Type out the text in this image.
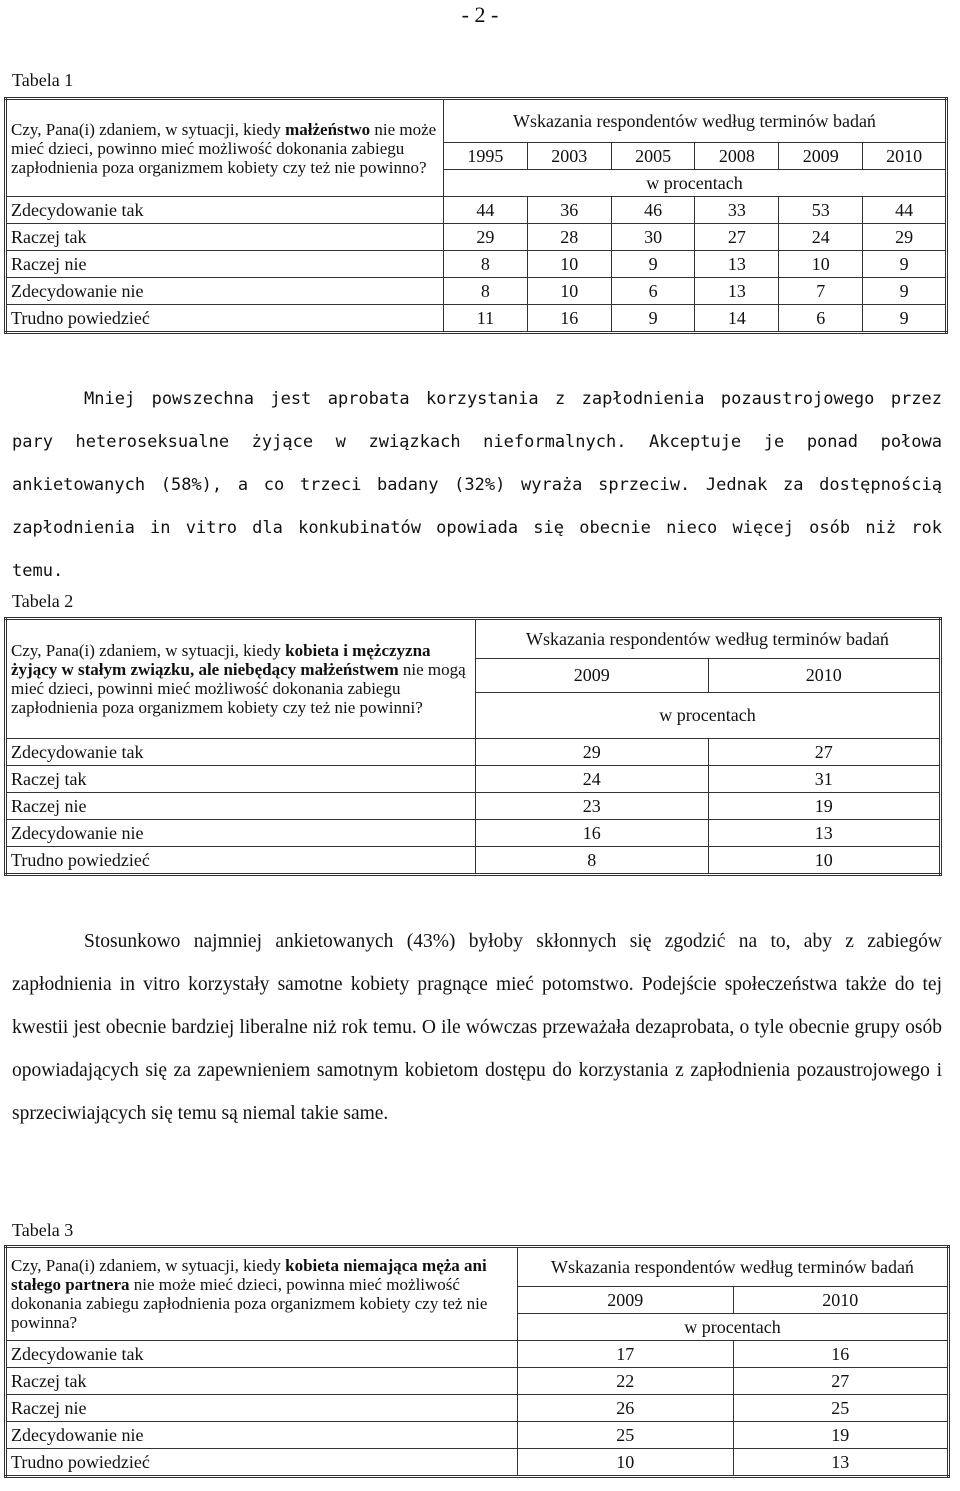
- 2 -
Tabela 1
Czy, Pana(i) zdaniem, w sytuacji, kiedy małżeństwo nie może mieć dzieci, powinno mieć możliwość dokonania zabiegu zapłodnienia poza organizmem kobiety czy też nie powinno?	Wskazania respondentów według terminów badań					
	1995	2003	2005	2008	2009	2010
	w procentach					
Zdecydowanie tak	44	36	46	33	53	44
Raczej tak	29	28	30	27	24	29
Raczej nie	8	10	9	13	10	9
Zdecydowanie nie	8	10	6	13	7	9
Trudno powiedzieć	11	16	9	14	6	9

Mniej powszechna jest aprobata korzystania z zapłodnienia pozaustrojowego przez pary heteroseksualne żyjące w związkach nieformalnych. Akceptuje je ponad połowa ankietowanych (58%), a co trzeci badany (32%) wyraża sprzeciw. Jednak za dostępnością zapłodnienia in vitro dla konkubinatów opowiada się obecnie nieco więcej osób niż rok temu.

Tabela 2
Czy, Pana(i) zdaniem, w sytuacji, kiedy kobieta i mężczyzna żyjący w stałym związku, ale niebędący małżeństwem nie mogą mieć dzieci, powinni mieć możliwość dokonania zabiegu zapłodnienia poza organizmem kobiety czy też nie powinni?	Wskazania respondentów według terminów badań	
	2009	2010
	w procentach	
Zdecydowanie tak	29	27
Raczej tak	24	31
Raczej nie	23	19
Zdecydowanie nie	16	13
Trudno powiedzieć	8	10

Stosunkowo najmniej ankietowanych (43%) byłoby skłonnych się zgodzić na to, aby z zabiegów zapłodnienia in vitro korzystały samotne kobiety pragnące mieć potomstwo. Podejście społeczeństwa także do tej kwestii jest obecnie bardziej liberalne niż rok temu. O ile wówczas przeważała dezaprobata, o tyle obecnie grupy osób opowiadających się za zapewnieniem samotnym kobietom dostępu do korzystania z zapłodnienia pozaustrojowego i sprzeciwiających się temu są niemal takie same.

Tabela 3
Czy, Pana(i) zdaniem, w sytuacji, kiedy kobieta niemająca męża ani stałego partnera nie może mieć dzieci, powinna mieć możliwość dokonania zabiegu zapłodnienia poza organizmem kobiety czy też nie powinna?	Wskazania respondentów według terminów badań	
	2009	2010
	w procentach	
Zdecydowanie tak	17	16
Raczej tak	22	27
Raczej nie	26	25
Zdecydowanie nie	25	19
Trudno powiedzieć	10	13
